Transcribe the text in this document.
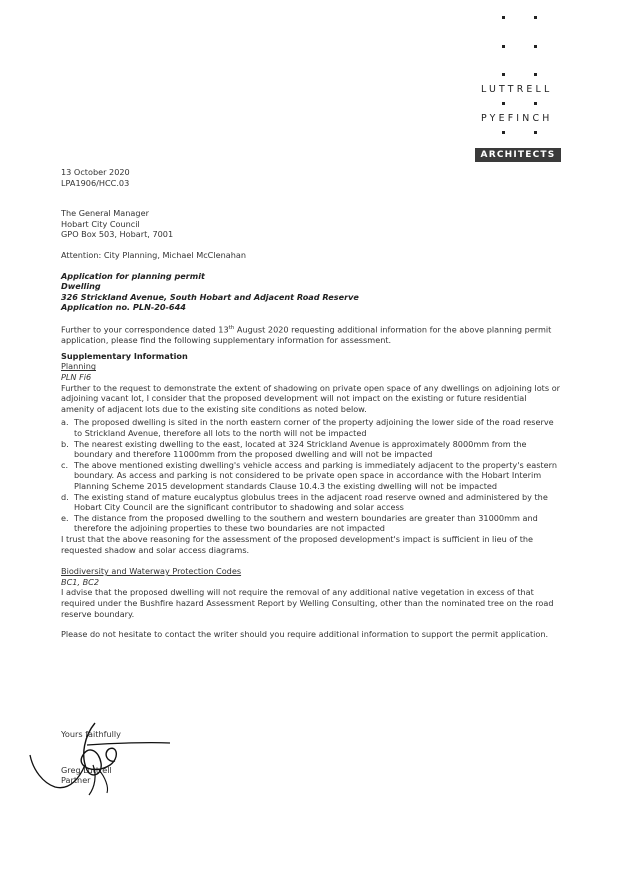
LUTTRELL
PYEFINCH
ARCHITECTS

13 October 2020

LPA1906/HCC.03

The General Manager

Hobart City Council

GPO Box 503, Hobart, 7001

Attention: City Planning, Michael McClenahan

Application for planning permit

Dwelling

326 Strickland Avenue, South Hobart and Adjacent Road Reserve

Application no. PLN-20-644

Further to your correspondence dated 13th August 2020 requesting additional information for the above planning permit application, please find the following supplementary information for assessment.

Supplementary Information

Planning

PLN Fi6

Further to the request to demonstrate the extent of shadowing on private open space of any dwellings on adjoining lots or adjoining vacant lot, I consider that the proposed development will not impact on the existing or future residential amenity of adjacent lots due to the existing site conditions as noted below.

a. The proposed dwelling is sited in the north eastern corner of the property adjoining the lower side of the road reserve to Strickland Avenue, therefore all lots to the north will not be impacted
b. The nearest existing dwelling to the east, located at 324 Strickland Avenue is approximately 8000mm from the boundary and therefore 11000mm from the proposed dwelling and will not be impacted
c. The above mentioned existing dwelling's vehicle access and parking is immediately adjacent to the property's eastern boundary. As access and parking is not considered to be private open space in accordance with the Hobart Interim Planning Scheme 2015 development standards Clause 10.4.3 the existing dwelling will not be impacted
d. The existing stand of mature eucalyptus globulus trees in the adjacent road reserve owned and administered by the Hobart City Council are the significant contributor to shadowing and solar access
e. The distance from the proposed dwelling to the southern and western boundaries are greater than 31000mm and therefore the adjoining properties to these two boundaries are not impacted

I trust that the above reasoning for the assessment of the proposed development's impact is sufficient in lieu of the requested shadow and solar access diagrams.

Biodiversity and Waterway Protection Codes

BC1, BC2

I advise that the proposed dwelling will not require the removal of any additional native vegetation in excess of that required under the Bushfire hazard Assessment Report by Welling Consulting, other than the nominated tree on the road reserve boundary.

Please do not hesitate to contact the writer should you require additional information to support the permit application.

Yours faithfully

Greg Luttrell

Partner
